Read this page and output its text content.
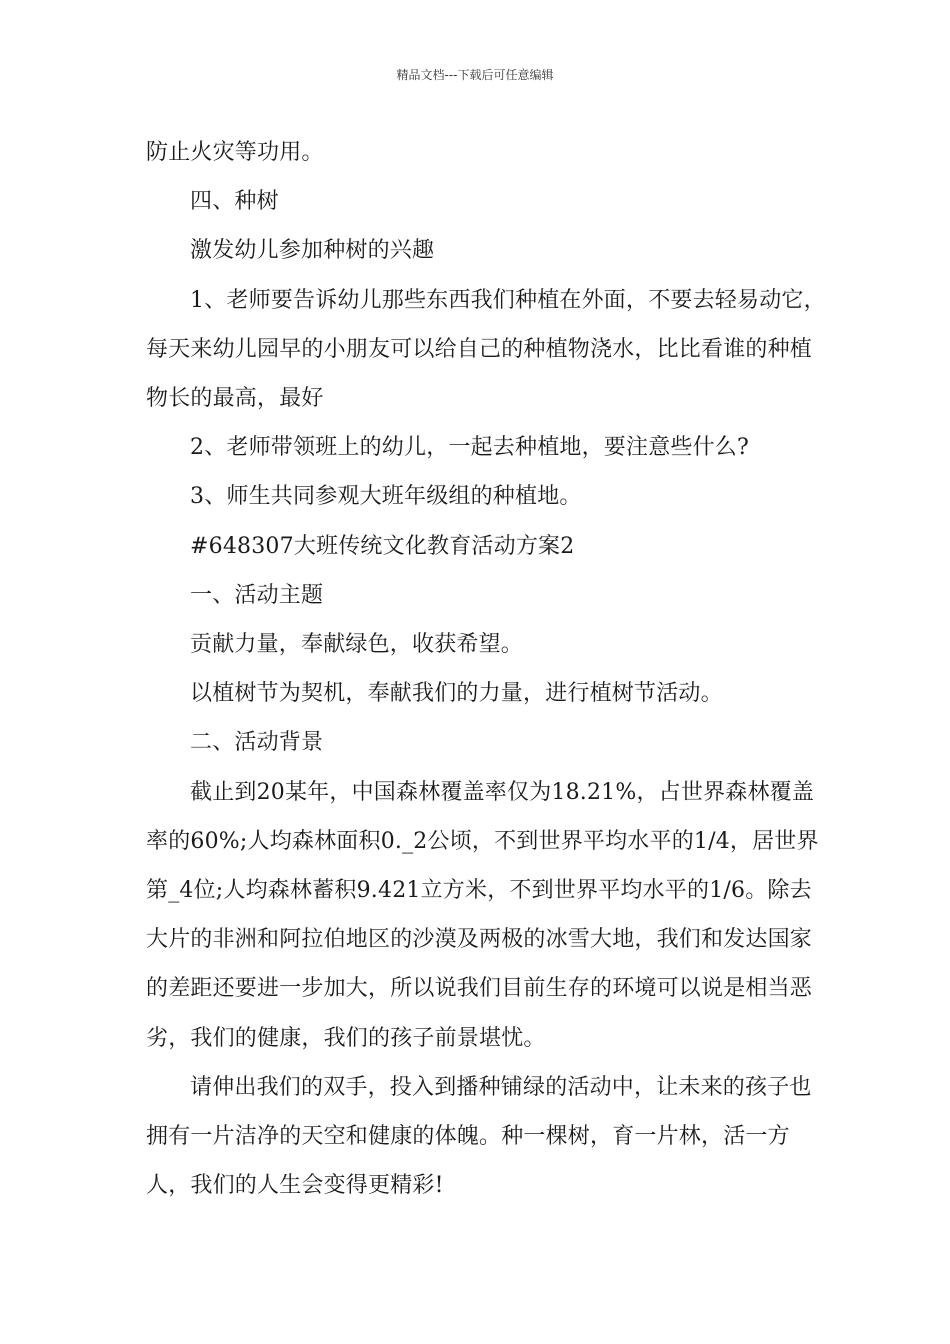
精品文档---下载后可任意编辑

防止火灾等功用。

四、种树

激发幼儿参加种树的兴趣

1、老师要告诉幼儿那些东西我们种植在外面，不要去轻易动它，每天来幼儿园早的小朋友可以给自己的种植物浇水，比比看谁的种植物长的最高，最好

2、老师带领班上的幼儿，一起去种植地，要注意些什么?

3、师生共同参观大班年级组的种植地。

#648307大班传统文化教育活动方案2

一、活动主题

贡献力量，奉献绿色，收获希望。

以植树节为契机，奉献我们的力量，进行植树节活动。

二、活动背景

截止到20某年，中国森林覆盖率仅为18.21%，占世界森林覆盖率的60%;人均森林面积0._2公顷，不到世界平均水平的1/4，居世界第_4位;人均森林蓄积9.421立方米，不到世界平均水平的1/6。除去大片的非洲和阿拉伯地区的沙漠及两极的冰雪大地，我们和发达国家的差距还要进一步加大，所以说我们目前生存的环境可以说是相当恶劣，我们的健康，我们的孩子前景堪忧。

请伸出我们的双手，投入到播种铺绿的活动中，让未来的孩子也拥有一片洁净的天空和健康的体魄。种一棵树，育一片林，活一方人，我们的人生会变得更精彩!
